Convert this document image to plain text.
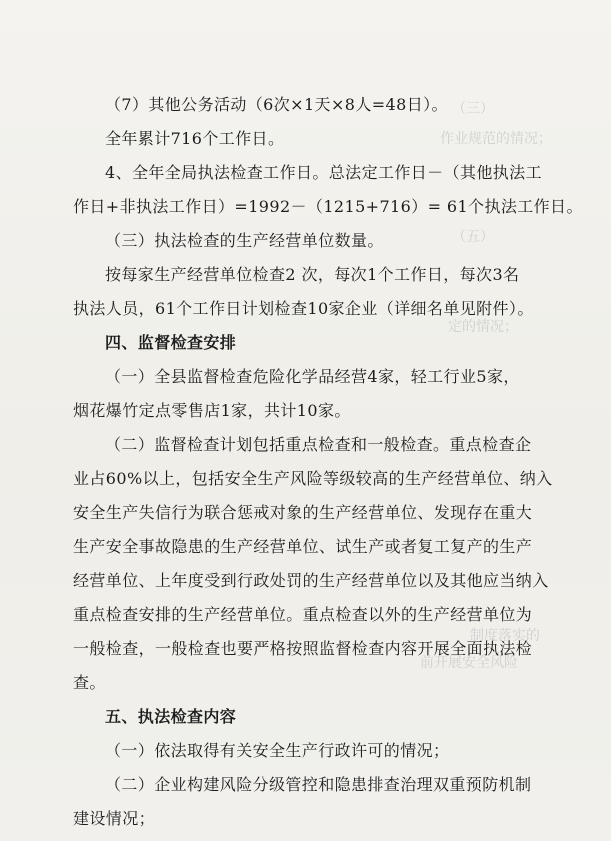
（三）
作业规范的情况；
（五）
定的情况；
制度落实的
前开展安全风险
（7）其他公务活动（6次×1天×8人=48日）。
全年累计716个工作日。
4、全年全局执法检查工作日。总法定工作日－（其他执法工
作日+非执法工作日）=1992－（1215+716）= 61个执法工作日。
（三）执法检查的生产经营单位数量。
按每家生产经营单位检查2 次，每次1个工作日，每次3名
执法人员，61个工作日计划检查10家企业（详细名单见附件）。
四、监督检查安排
（一）全县监督检查危险化学品经营4家，轻工行业5家，
烟花爆竹定点零售店1家，共计10家。
（二）监督检查计划包括重点检查和一般检查。重点检查企
业占60%以上，包括安全生产风险等级较高的生产经营单位、纳入
安全生产失信行为联合惩戒对象的生产经营单位、发现存在重大
生产安全事故隐患的生产经营单位、试生产或者复工复产的生产
经营单位、上年度受到行政处罚的生产经营单位以及其他应当纳入
重点检查安排的生产经营单位。重点检查以外的生产经营单位为
一般检查，一般检查也要严格按照监督检查内容开展全面执法检
查。
五、执法检查内容
（一）依法取得有关安全生产行政许可的情况；
（二）企业构建风险分级管控和隐患排查治理双重预防机制
建设情况；
